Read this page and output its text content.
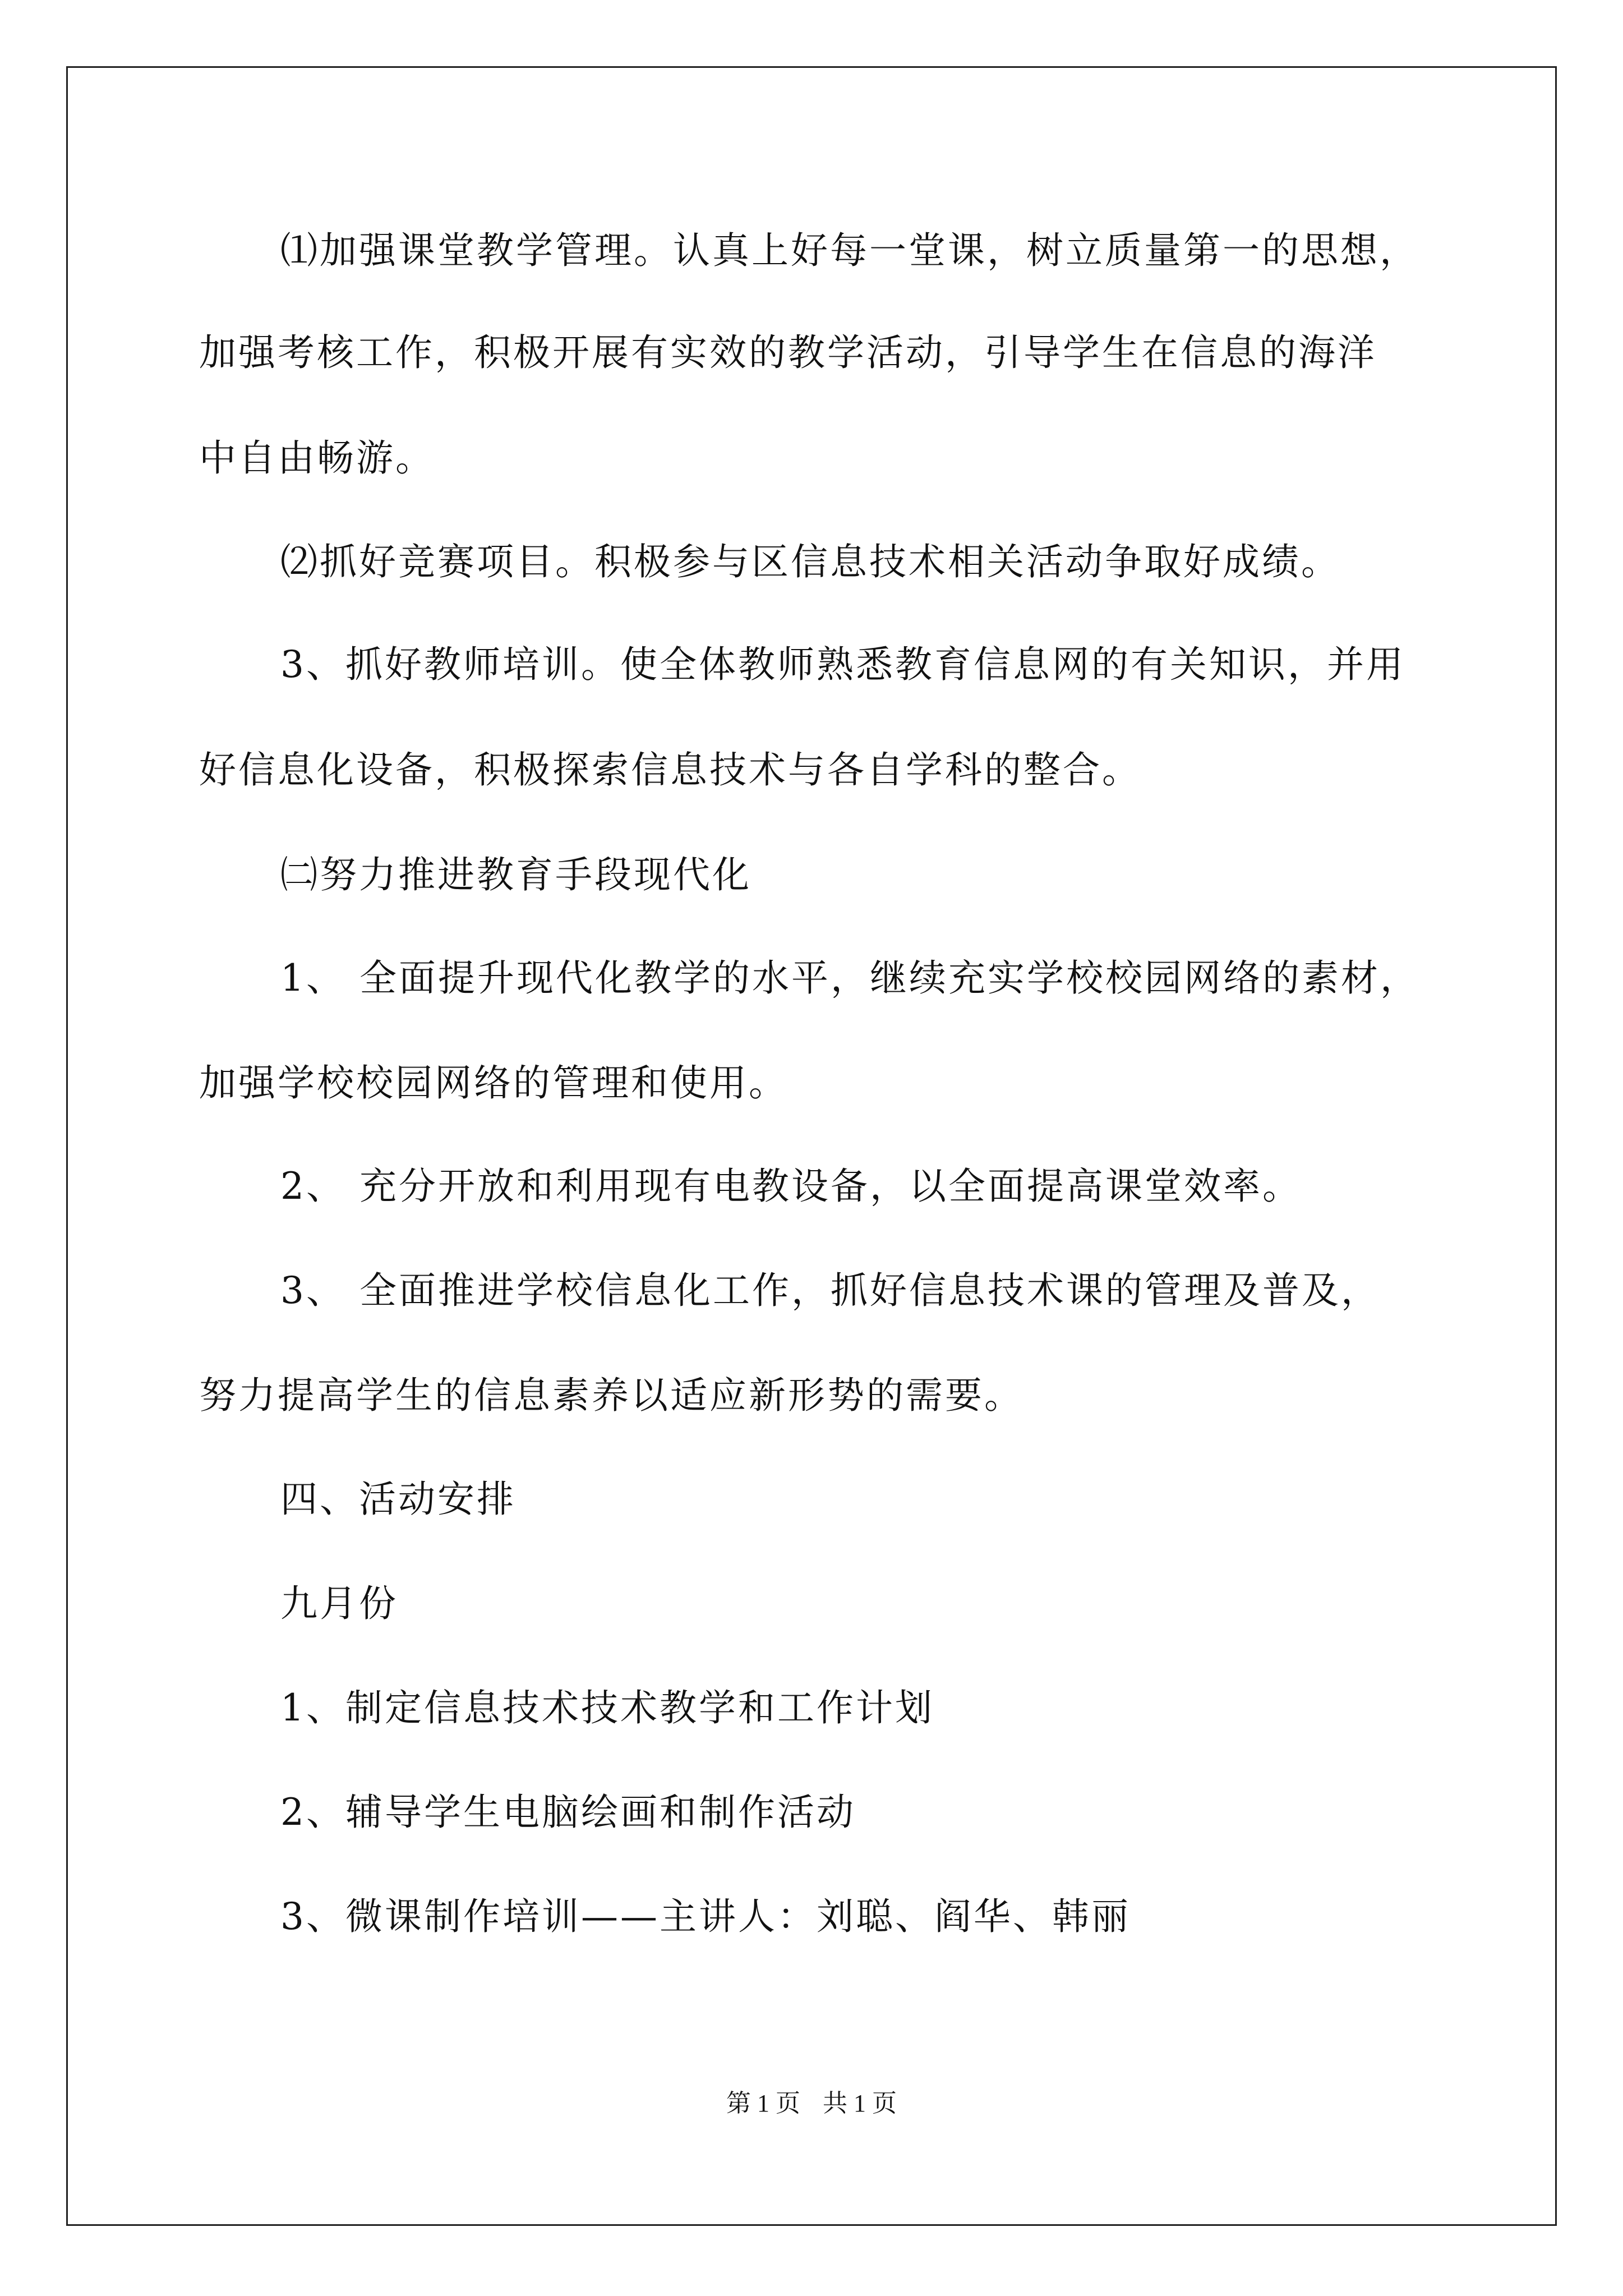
⑴加强课堂教学管理。认真上好每一堂课，树立质量第一的思想，

加强考核工作，积极开展有实效的教学活动，引导学生在信息的海洋

中自由畅游。

⑵抓好竞赛项目。积极参与区信息技术相关活动争取好成绩。

3、抓好教师培训。使全体教师熟悉教育信息网的有关知识，并用

好信息化设备，积极探索信息技术与各自学科的整合。

㈡努力推进教育手段现代化

1、 全面提升现代化教学的水平，继续充实学校校园网络的素材，

加强学校校园网络的管理和使用。

2、 充分开放和利用现有电教设备，以全面提高课堂效率。

3、 全面推进学校信息化工作，抓好信息技术课的管理及普及，

努力提高学生的信息素养以适应新形势的需要。

四、活动安排

九月份

1、制定信息技术技术教学和工作计划

2、辅导学生电脑绘画和制作活动

3、微课制作培训——主讲人：刘聪、阎华、韩丽

第 1 页 共 1 页
